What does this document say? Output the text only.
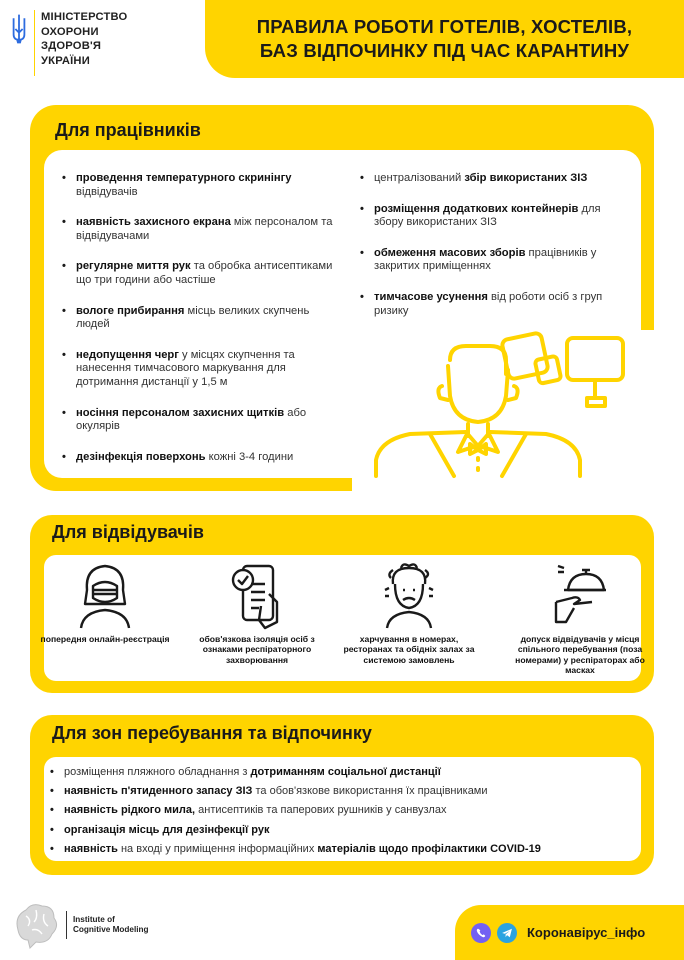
МІНІСТЕРСТВО
ОХОРОНИ
ЗДОРОВ'Я
УКРАЇНИ
ПРАВИЛА РОБОТИ ГОТЕЛІВ, ХОСТЕЛІВ,
БАЗ ВІДПОЧИНКУ ПІД ЧАС КАРАНТИНУ
Для працівників
• проведення температурного скринінгу відвідувачів
• наявність захисного екрана між персоналом та відвідувачами
• регулярне миття рук та обробка антисептиками що три години або частіше
• вологе прибирання місць великих скупчень людей
• недопущення черг у місцях скупчення та нанесення тимчасового маркування для дотримання дистанції у 1,5 м
• носіння персоналом захисних щитків або окулярів
• дезінфекція поверхонь кожні 3-4 години
• централізований збір використаних ЗІЗ
• розміщення додаткових контейнерів для збору використаних ЗІЗ
• обмеження масових зборів працівників у закритих приміщеннях
• тимчасове усунення від роботи осіб з груп ризику
Для відвідувачів
попередня онлайн-реєстрація	обов'язкова ізоляція осіб з ознаками респіраторного захворювання
харчування в номерах, ресторанах та обідніх залах за системою замовлень
допуск відвідувачів у місця спільного перебування (поза номерами) у респіраторах або масках
Для зон перебування та відпочинку
• розміщення пляжного обладнання з дотриманням соціальної дистанції
• наявність п'ятиденного запасу ЗІЗ та обов'язкове використання їх працівниками
• наявність рідкого мила, антисептиків та паперових рушників у санвузлах
• організація місць для дезінфекції рук
• наявність на вході у приміщення інформаційних матеріалів щодо профілактики COVID-19
Institute of
Cognitive Modeling	Коронавірус_інфо
